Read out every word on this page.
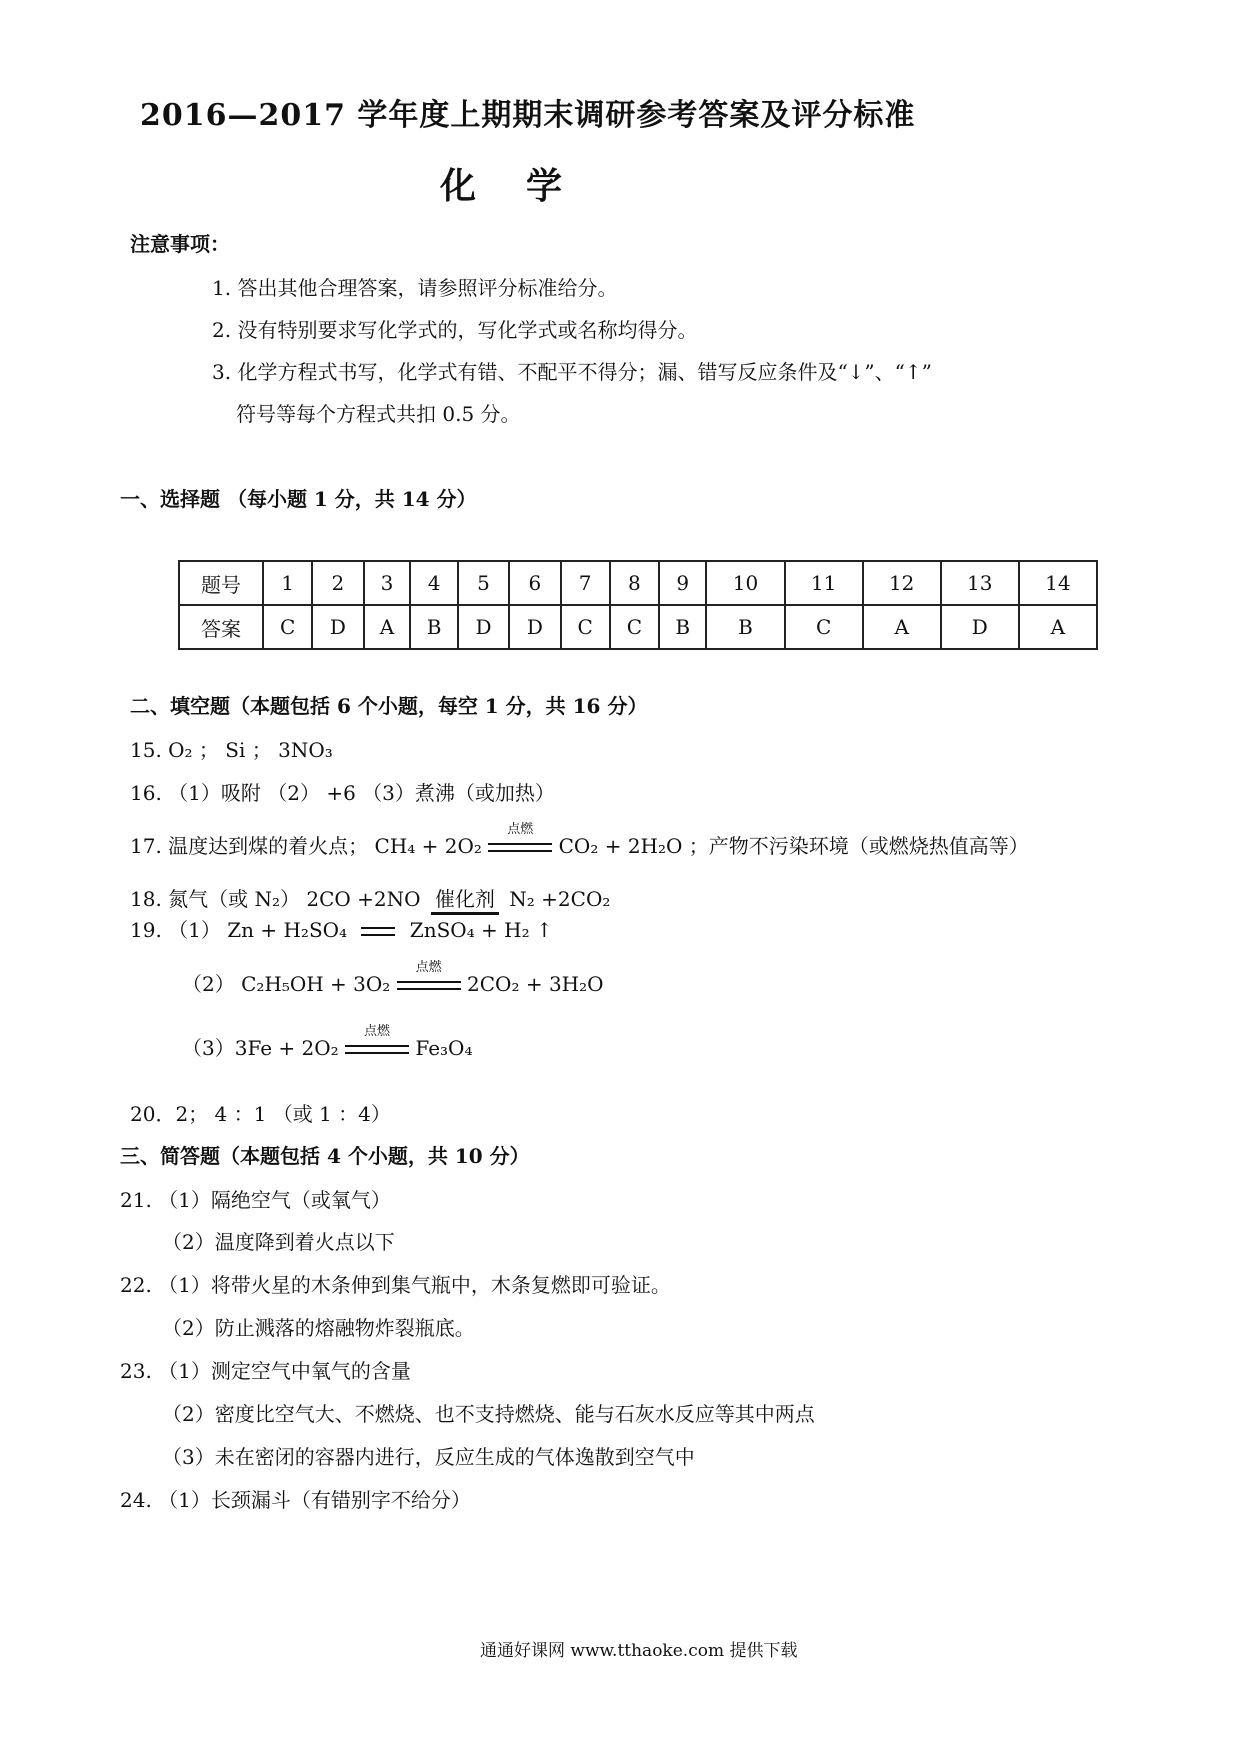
2016—2017 学年度上期期末调研参考答案及评分标准
化学
注意事项：
1. 答出其他合理答案，请参照评分标准给分。
2. 没有特别要求写化学式的，写化学式或名称均得分。
3. 化学方程式书写，化学式有错、不配平不得分；漏、错写反应条件及“↓”、“↑”
符号等每个方程式共扣 0.5 分。
一、选择题 （每小题 1 分，共 14 分）
题号	1	2	3	4	5	6	7	8	9	10	11	12	13	14
答案	C	D	A	B	D	D	C	C	B	B	C	A	D	A
二、填空题（本题包括 6 个小题，每空 1 分，共 16 分）
15. O₂ ； Si ； 3NO₃
16. （1）吸附 （2） +6 （3）煮沸（或加热）
17. 温度达到煤的着火点； CH₄ + 2O₂
点燃
CO₂ + 2H₂O ；产物不污染环境（或燃烧热值高等）
18. 氮气（或 N₂） 2CO +2NO 催化剂 N₂ +2CO₂
19. （1） Zn + H₂SO₄	ZnSO₄ + H₂ ↑
（2） C₂H₅OH + 3O₂
点燃
2CO₂ + 3H₂O
（3）3Fe + 2O₂
点燃
Fe₃O₄
20．2； 4 ：1 （或 1 ：4）
三、简答题（本题包括 4 个小题，共 10 分）
21. （1）隔绝空气（或氧气）
（2）温度降到着火点以下
22. （1）将带火星的木条伸到集气瓶中，木条复燃即可验证。
（2）防止溅落的熔融物炸裂瓶底。
23. （1）测定空气中氧气的含量
（2）密度比空气大、不燃烧、也不支持燃烧、能与石灰水反应等其中两点
（3）未在密闭的容器内进行，反应生成的气体逸散到空气中
24. （1）长颈漏斗（有错别字不给分）
通通好课网 www.tthaoke.com 提供下载
